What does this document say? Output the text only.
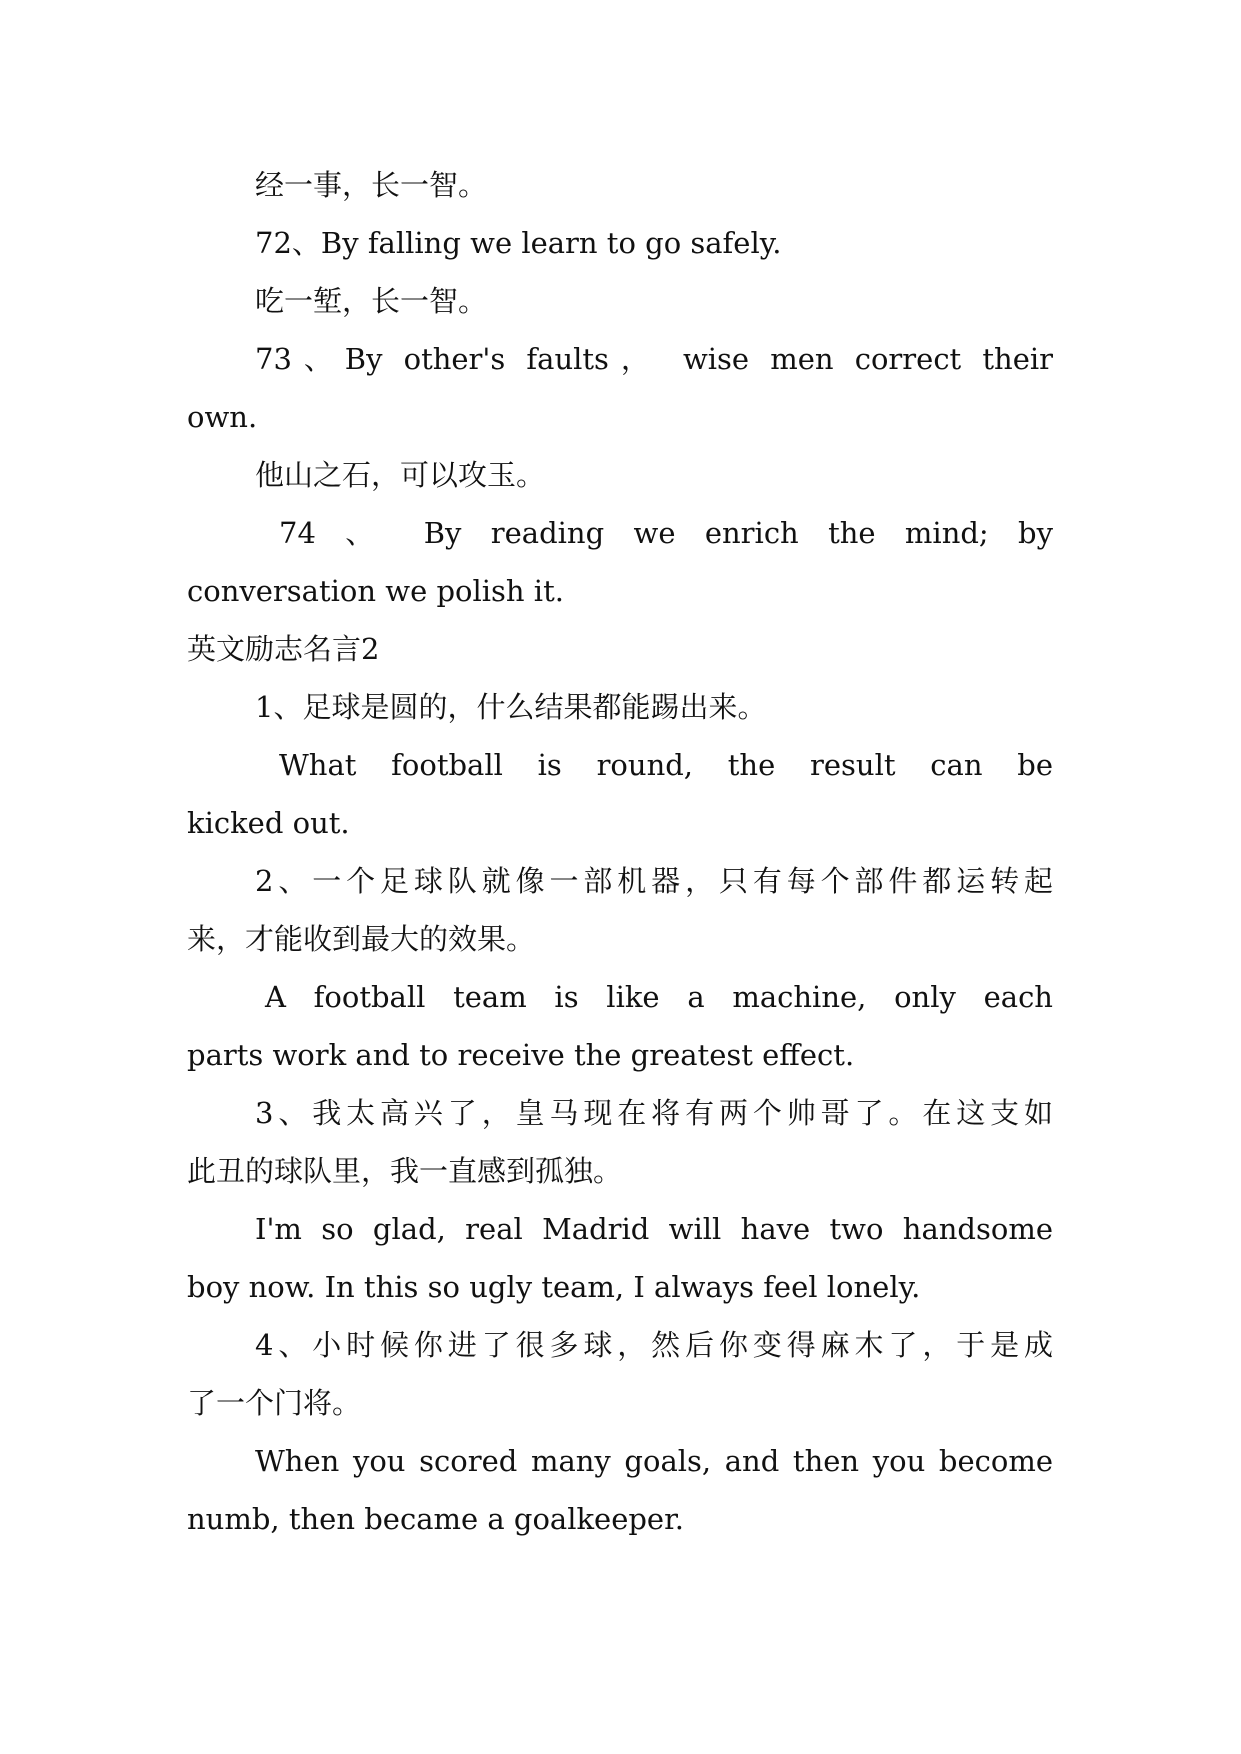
经一事，长一智。
72、By falling we learn to go safely.
吃一堑，长一智。
73、By other's faults， wise men correct their
own.
他山之石，可以攻玉。
74 、 By reading we enrich the mind; by
conversation we polish it.
英文励志名言2
1、足球是圆的，什么结果都能踢出来。
What football is round, the result can be
kicked out.
2、一个足球队就像一部机器，只有每个部件都运转起
来，才能收到最大的效果。
A football team is like a machine, only each
parts work and to receive the greatest effect.
3、我太高兴了，皇马现在将有两个帅哥了。在这支如
此丑的球队里，我一直感到孤独。
I'm so glad, real Madrid will have two handsome
boy now. In this so ugly team, I always feel lonely.
4、小时候你进了很多球，然后你变得麻木了，于是成
了一个门将。
When you scored many goals, and then you become
numb, then became a goalkeeper.
